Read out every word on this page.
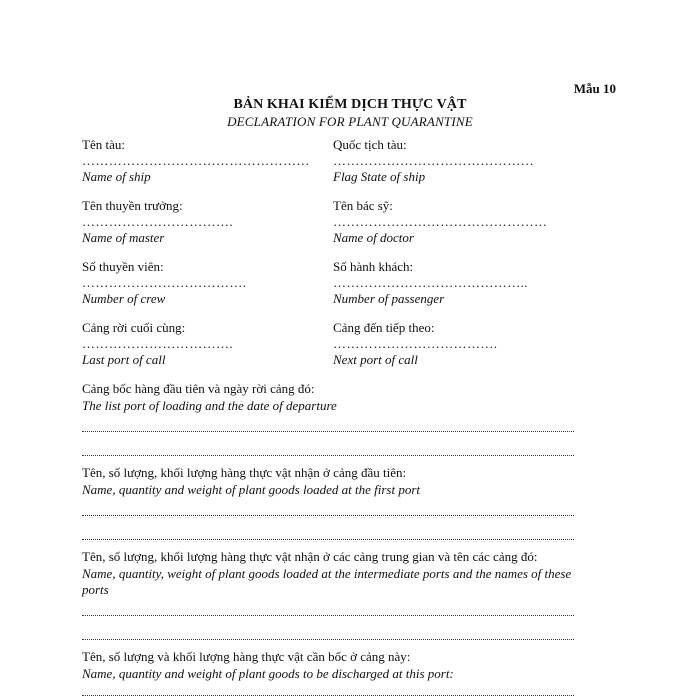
Mẫu 10
BẢN KHAI KIỂM DỊCH THỰC VẬT
DECLARATION FOR PLANT QUARANTINE
Tên tàu:
……………………………………………
Name of ship
Quốc tịch tàu:
………………………………………
Flag State of ship
Tên thuyền trưởng:
…………………………….
Name of master
Tên bác sỹ:
…………………………………………
Name of doctor
Số thuyền viên:
……………………………….
Number of crew
Số hành khách:
……………………………………..
Number of passenger
Cảng rời cuối cùng:
…………………………….
Last port of call
Cảng đến tiếp theo:
……………………………….
Next port of call
Cảng bốc hàng đầu tiên và ngày rời cảng đó:
The list port of loading and the date of departure
Tên, số lượng, khối lượng hàng thực vật nhận ở cảng đầu tiên:
Name, quantity and weight of plant goods loaded at the first port
Tên, số lượng, khối lượng hàng thực vật nhận ở các cảng trung gian và tên các cảng đó:
Name, quantity, weight of plant goods loaded at the intermediate ports and the names of these
ports
Tên, số lượng và khối lượng hàng thực vật cần bốc ở cảng này:
Name, quantity and weight of plant goods to be discharged at this port:
